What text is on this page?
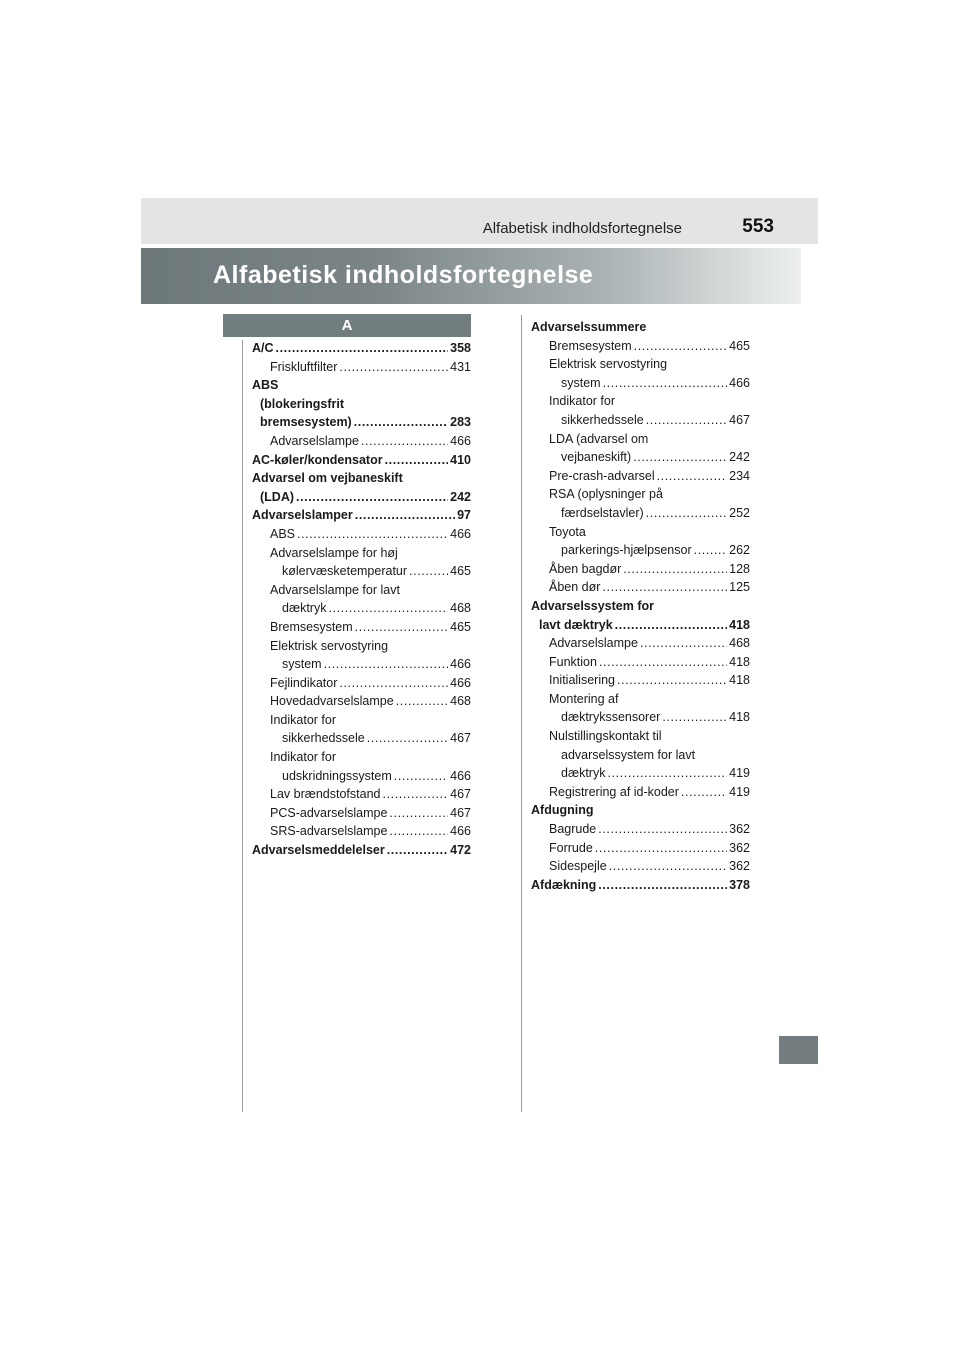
Alfabetisk indholdsfortegnelse	553
Alfabetisk indholdsfortegnelse
A
A/C .....	358
Friskluftfilter .....	431
ABS
(blokeringsfrit
bremsesystem) .....	283
Advarselslampe .....	466
AC-køler/kondensator .....	410
Advarsel om vejbaneskift
(LDA) .....	242
Advarselslamper .....	97
ABS .....	466
Advarselslampe for høj
kølervæsketemperatur .....	465
Advarselslampe for lavt
dæktryk .....	468
Bremsesystem .....	465
Elektrisk servostyring
system .....	466
Fejlindikator .....	466
Hovedadvarselslampe .....	468
Indikator for
sikkerhedssele .....	467
Indikator for
udskridningssystem .....	466
Lav brændstofstand .....	467
PCS-advarselslampe .....	467
SRS-advarselslampe .....	466
Advarselsmeddelelser .....	472
Advarselssummere
Bremsesystem .....	465
Elektrisk servostyring
system .....	466
Indikator for
sikkerhedssele .....	467
LDA (advarsel om
vejbaneskift) .....	242
Pre-crash-advarsel .....	234
RSA (oplysninger på
færdselstavler) .....	252
Toyota
parkerings-hjælpsensor .....	262
Åben bagdør .....	128
Åben dør .....	125
Advarselssystem for
lavt dæktryk .....	418
Advarselslampe .....	468
Funktion .....	418
Initialisering .....	418
Montering af
dæktrykssensorer .....	418
Nulstillingskontakt til
advarselssystem for lavt
dæktryk .....	419
Registrering af id-koder .....	419
Afdugning
Bagrude .....	362
Forrude .....	362
Sidespejle .....	362
Afdækning .....	378
